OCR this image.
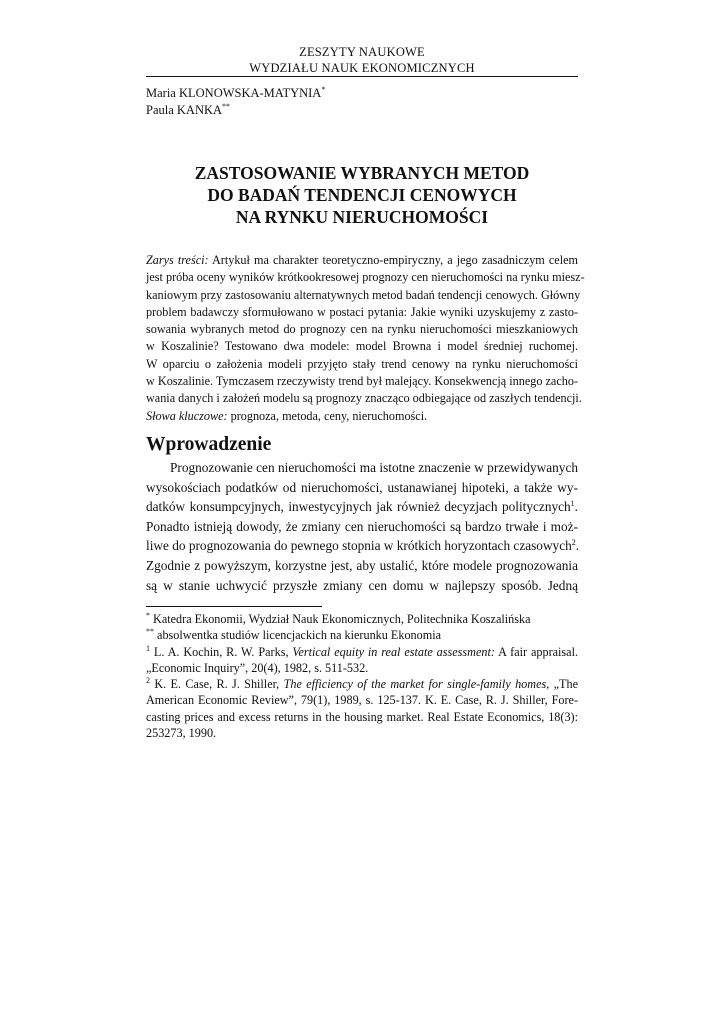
ZESZYTY NAUKOWE
WYDZIAŁU NAUK EKONOMICZNYCH
Maria KLONOWSKA-MATYNIA*
Paula KANKA**
ZASTOSOWANIE WYBRANYCH METOD
DO BADAŃ TENDENCJI CENOWYCH
NA RYNKU NIERUCHOMOŚCI
Zarys treści: Artykuł ma charakter teoretyczno-empiryczny, a jego zasadniczym celem
jest próba oceny wyników krótkookresowej prognozy cen nieruchomości na rynku miesz-
kaniowym przy zastosowaniu alternatywnych metod badań tendencji cenowych. Główny
problem badawczy sformułowano w postaci pytania: Jakie wyniki uzyskujemy z zasto-
sowania wybranych metod do prognozy cen na rynku nieruchomości mieszkaniowych
w Koszalinie? Testowano dwa modele: model Browna i model średniej ruchomej.
W oparciu o założenia modeli przyjęto stały trend cenowy na rynku nieruchomości
w Koszalinie. Tymczasem rzeczywisty trend był malejący. Konsekwencją innego zacho-
wania danych i założeń modelu są prognozy znacząco odbiegające od zaszłych tendencji.
Słowa kluczowe: prognoza, metoda, ceny, nieruchomości.
Wprowadzenie
Prognozowanie cen nieruchomości ma istotne znaczenie w przewidywanych
wysokościach podatków od nieruchomości, ustanawianej hipoteki, a także wy-
datków konsumpcyjnych, inwestycyjnych jak również decyzjach politycznych$^1$.
Ponadto istnieją dowody, że zmiany cen nieruchomości są bardzo trwałe i moż-
liwe do prognozowania do pewnego stopnia w krótkich horyzontach czasowych$^2$.
Zgodnie z powyższym, korzystne jest, aby ustalić, które modele prognozowania
są w stanie uchwycić przyszłe zmiany cen domu w najlepszy sposób. Jedną
* Katedra Ekonomii, Wydział Nauk Ekonomicznych, Politechnika Koszalińska
** absolwentka studiów licencjackich na kierunku Ekonomia
$^1$ L. A. Kochin, R. W. Parks, Vertical equity in real estate assessment: A fair appraisal.
„Economic Inquiry”, 20(4), 1982, s. 511-532.
$^2$ K. E. Case, R. J. Shiller, The efficiency of the market for single-family homes, „The
American Economic Review”, 79(1), 1989, s. 125-137. K. E. Case, R. J. Shiller, Fore-
casting prices and excess returns in the housing market. Real Estate Economics, 18(3):
253273, 1990.
